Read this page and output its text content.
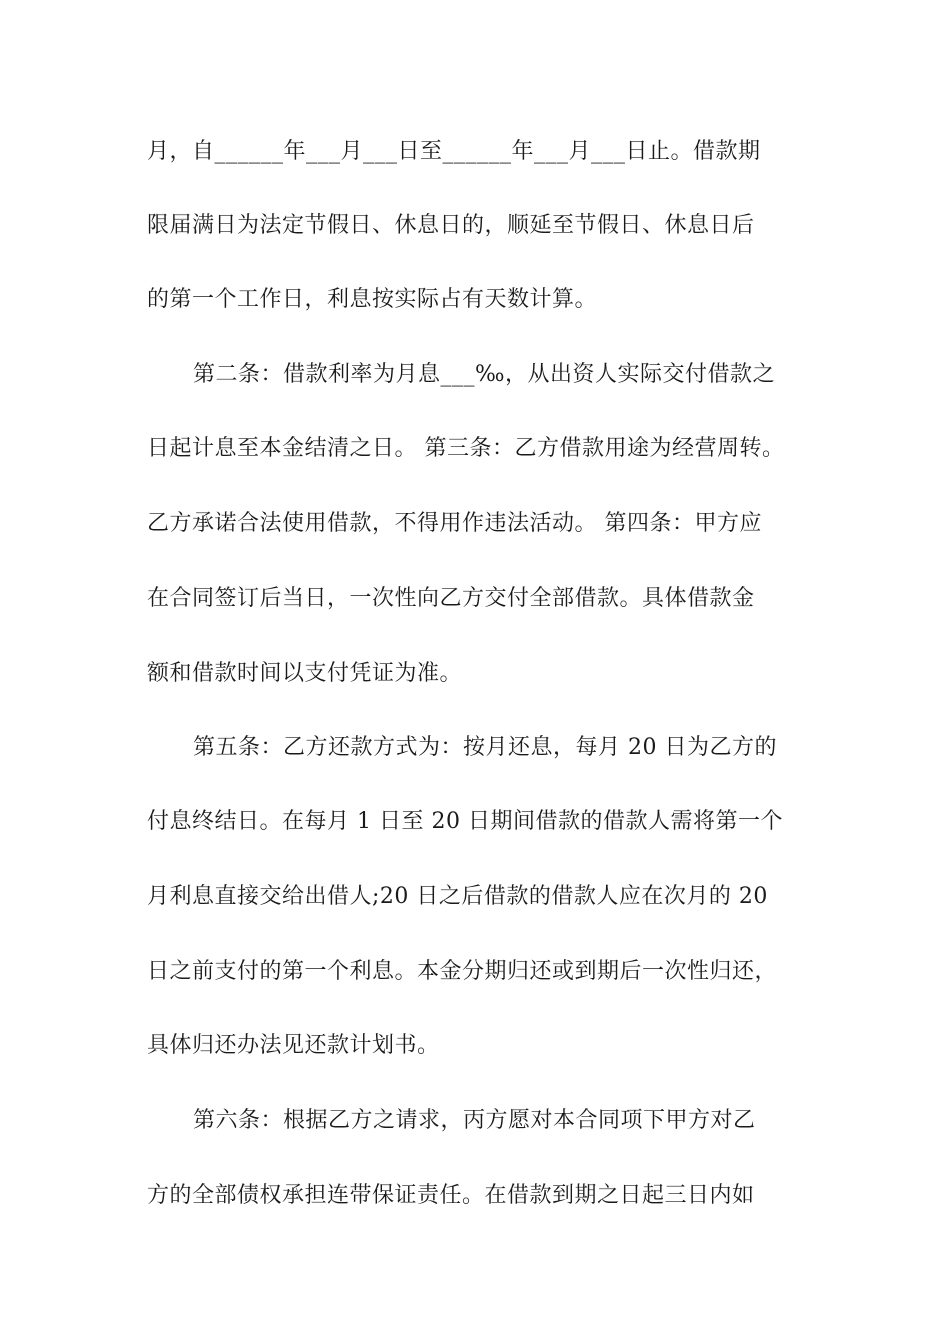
月，自______年___月___日至______年___月___日止。借款期
限届满日为法定节假日、休息日的，顺延至节假日、休息日后
的第一个工作日，利息按实际占有天数计算。
第二条：借款利率为月息___‰，从出资人实际交付借款之
日起计息至本金结清之日。 第三条：乙方借款用途为经营周转。
乙方承诺合法使用借款，不得用作违法活动。 第四条：甲方应
在合同签订后当日，一次性向乙方交付全部借款。具体借款金
额和借款时间以支付凭证为准。
第五条：乙方还款方式为：按月还息，每月 20 日为乙方的
付息终结日。在每月 1 日至 20 日期间借款的借款人需将第一个
月利息直接交给出借人;20 日之后借款的借款人应在次月的 20
日之前支付的第一个利息。本金分期归还或到期后一次性归还，
具体归还办法见还款计划书。
第六条：根据乙方之请求，丙方愿对本合同项下甲方对乙
方的全部债权承担连带保证责任。在借款到期之日起三日内如
